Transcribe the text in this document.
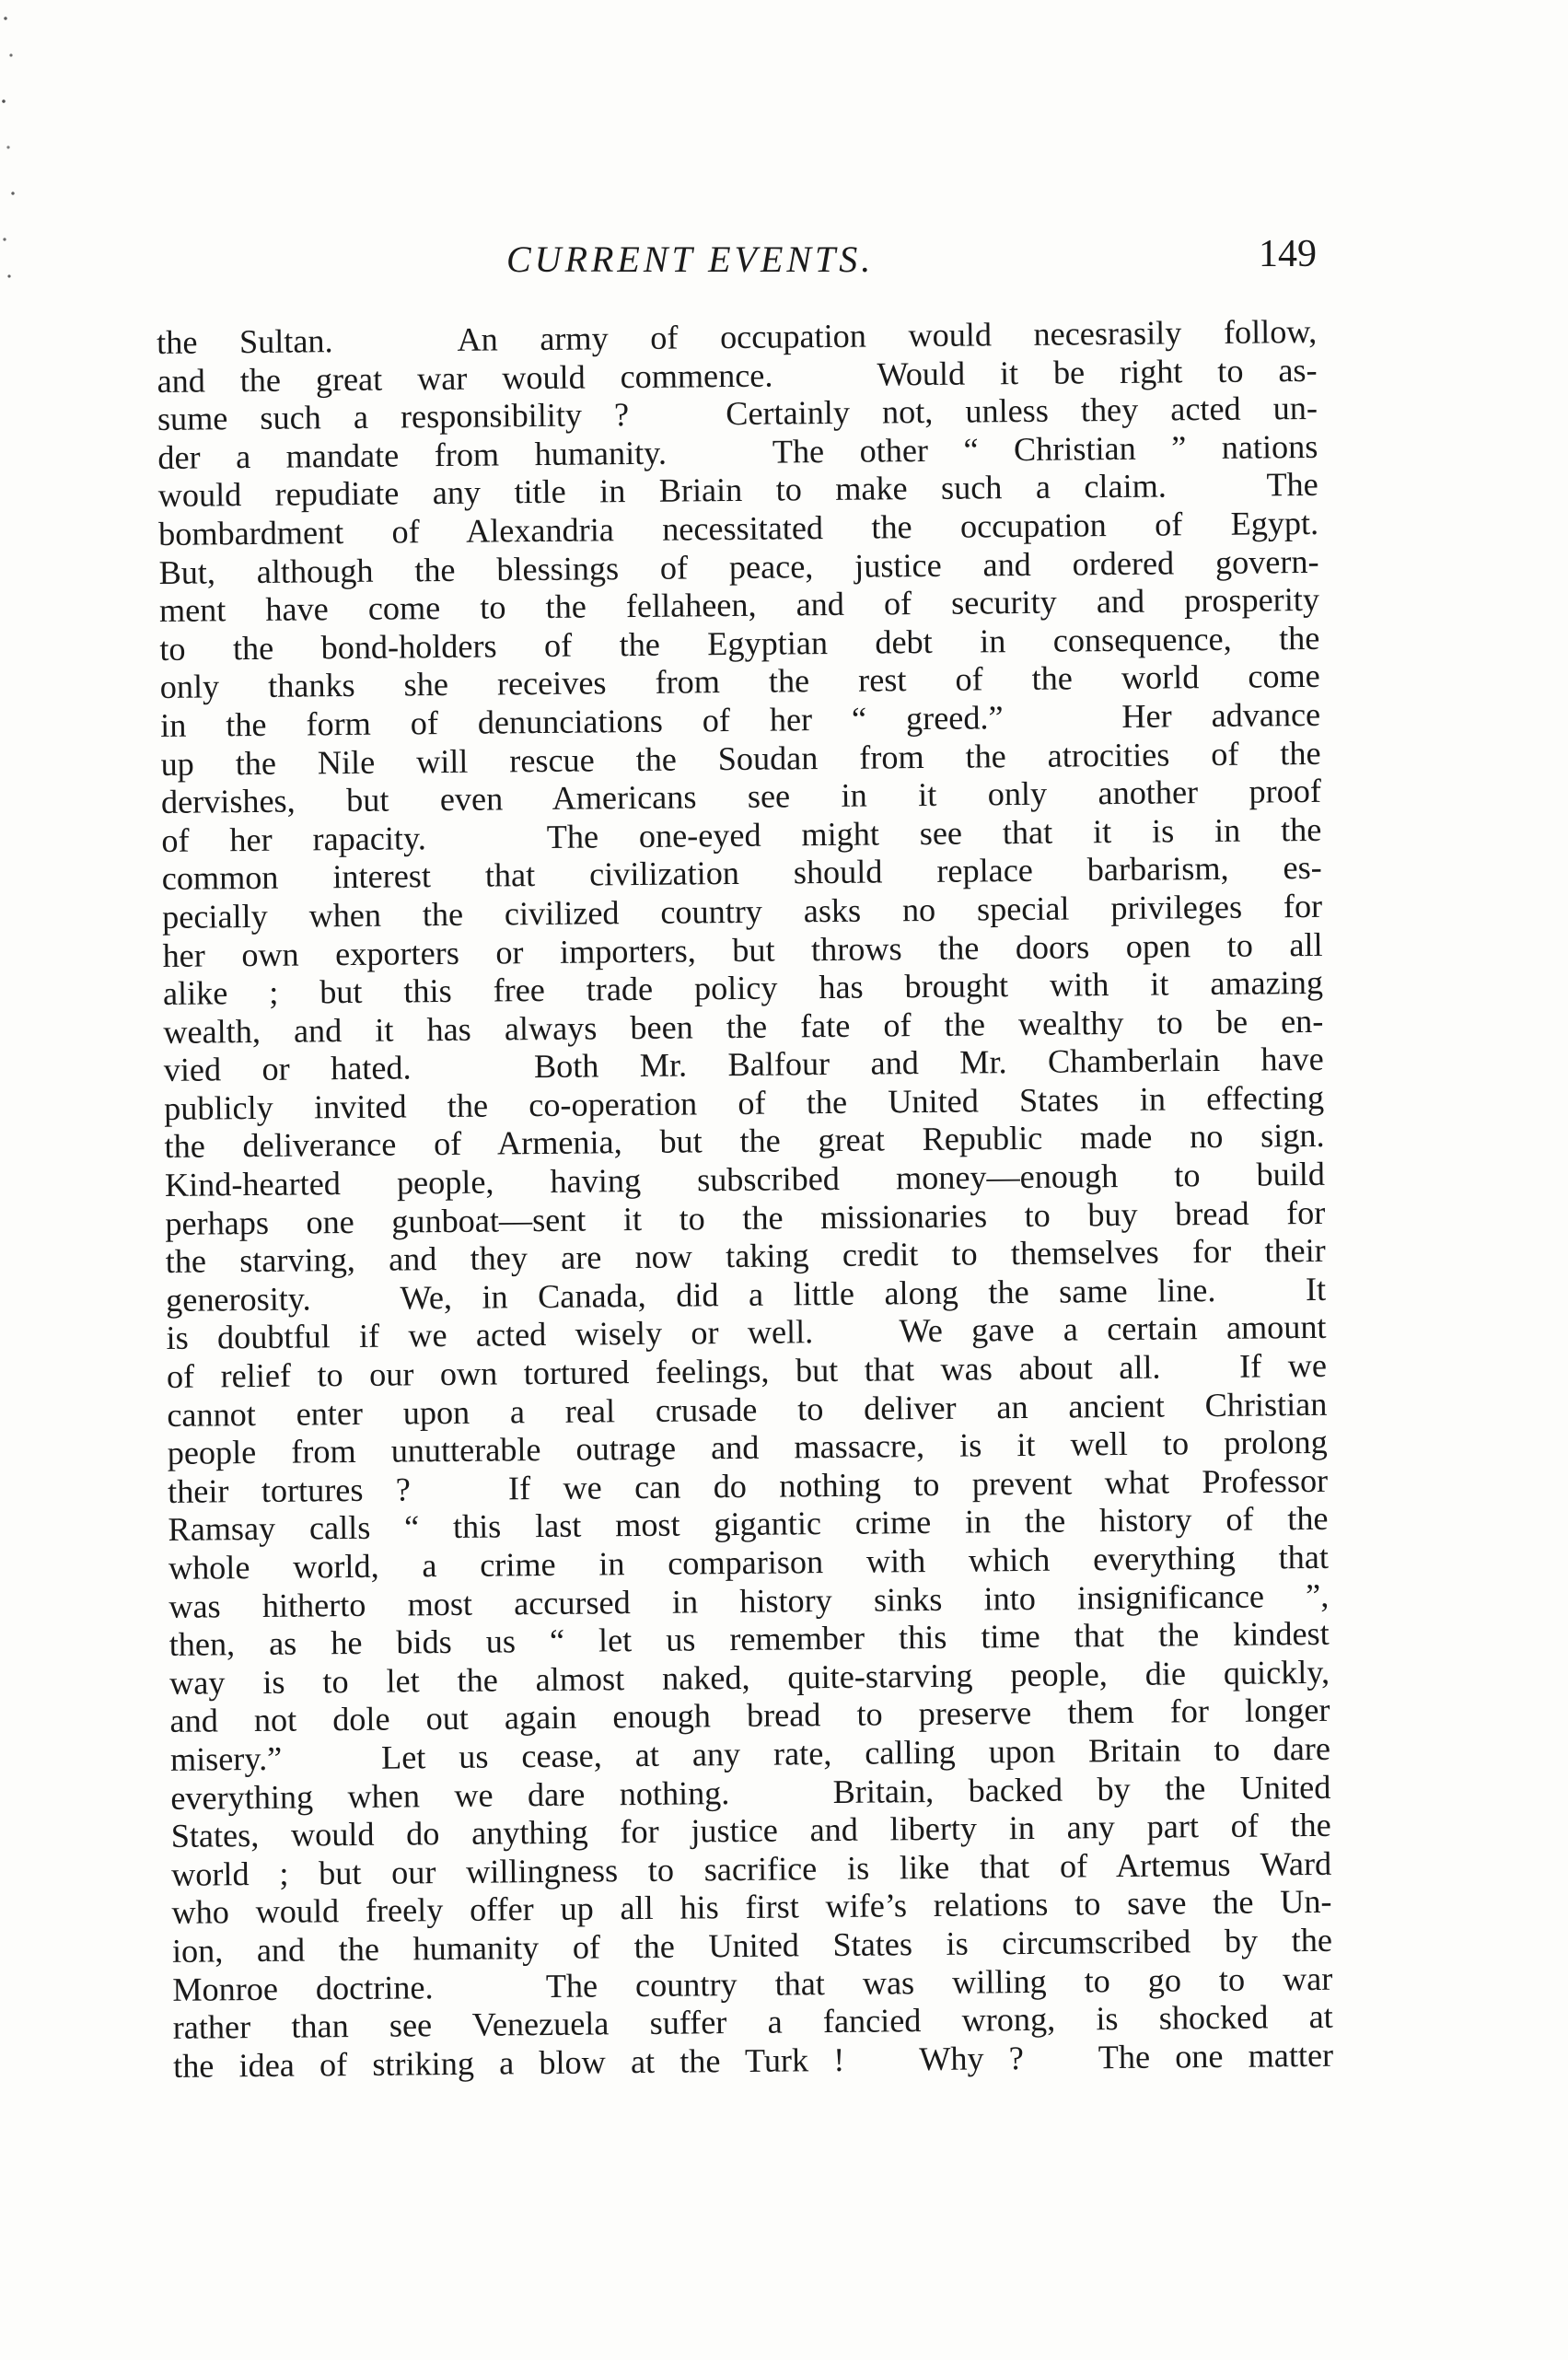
CURRENT EVENTS.	149
the Sultan.   An army of occupation would necesrasily follow,
and the great war would commence.   Would it be right to as-
sume such a responsibility ?   Certainly not, unless they acted un-
der a mandate from humanity.   The other “ Christian ” nations
would repudiate any title in Briain to make such a claim.   The
bombardment of Alexandria necessitated the occupation of Egypt.
But, although the blessings of peace, justice and ordered govern-
ment have come to the fellaheen, and of security and prosperity
to the bond-holders of the Egyptian debt in consequence, the
only thanks she receives from the rest of the world come
in the form of denunciations of her “ greed.”   Her advance
up the Nile will rescue the Soudan from the atrocities of the
dervishes, but even Americans see in it only another proof
of her rapacity.   The one-eyed might see that it is in the
common interest that civilization should replace barbarism, es-
pecially when the civilized country asks no special privileges for
her own exporters or importers, but throws the doors open to all
alike ; but this free trade policy has brought with it amazing
wealth, and it has always been the fate of the wealthy to be en-
vied or hated.   Both Mr. Balfour and Mr. Chamberlain have
publicly invited the co-operation of the United States in effecting
the deliverance of Armenia, but the great Republic made no sign.
Kind-hearted people, having subscribed money—enough to build
perhaps one gunboat—sent it to the missionaries to buy bread for
the starving, and they are now taking credit to themselves for their
generosity.   We, in Canada, did a little along the same line.   It
is doubtful if we acted wisely or well.   We gave a certain amount
of relief to our own tortured feelings, but that was about all.   If we
cannot enter upon a real crusade to deliver an ancient Christian
people from unutterable outrage and massacre, is it well to prolong
their tortures ?   If we can do nothing to prevent what Professor
Ramsay calls “ this last most gigantic crime in the history of the
whole world, a crime in comparison with which everything that
was hitherto most accursed in history sinks into insignificance ”,
then, as he bids us “ let us remember this time that the kindest
way is to let the almost naked, quite-starving people, die quickly,
and not dole out again enough bread to preserve them for longer
misery.”   Let us cease, at any rate, calling upon Britain to dare
everything when we dare nothing.   Britain, backed by the United
States, would do anything for justice and liberty in any part of the
world ; but our willingness to sacrifice is like that of Artemus Ward
who would freely offer up all his first wife’s relations to save the Un-
ion, and the humanity of the United States is circumscribed by the
Monroe doctrine.   The country that was willing to go to war
rather than see Venezuela suffer a fancied wrong, is shocked at
the idea of striking a blow at the Turk !   Why ?   The one matter
